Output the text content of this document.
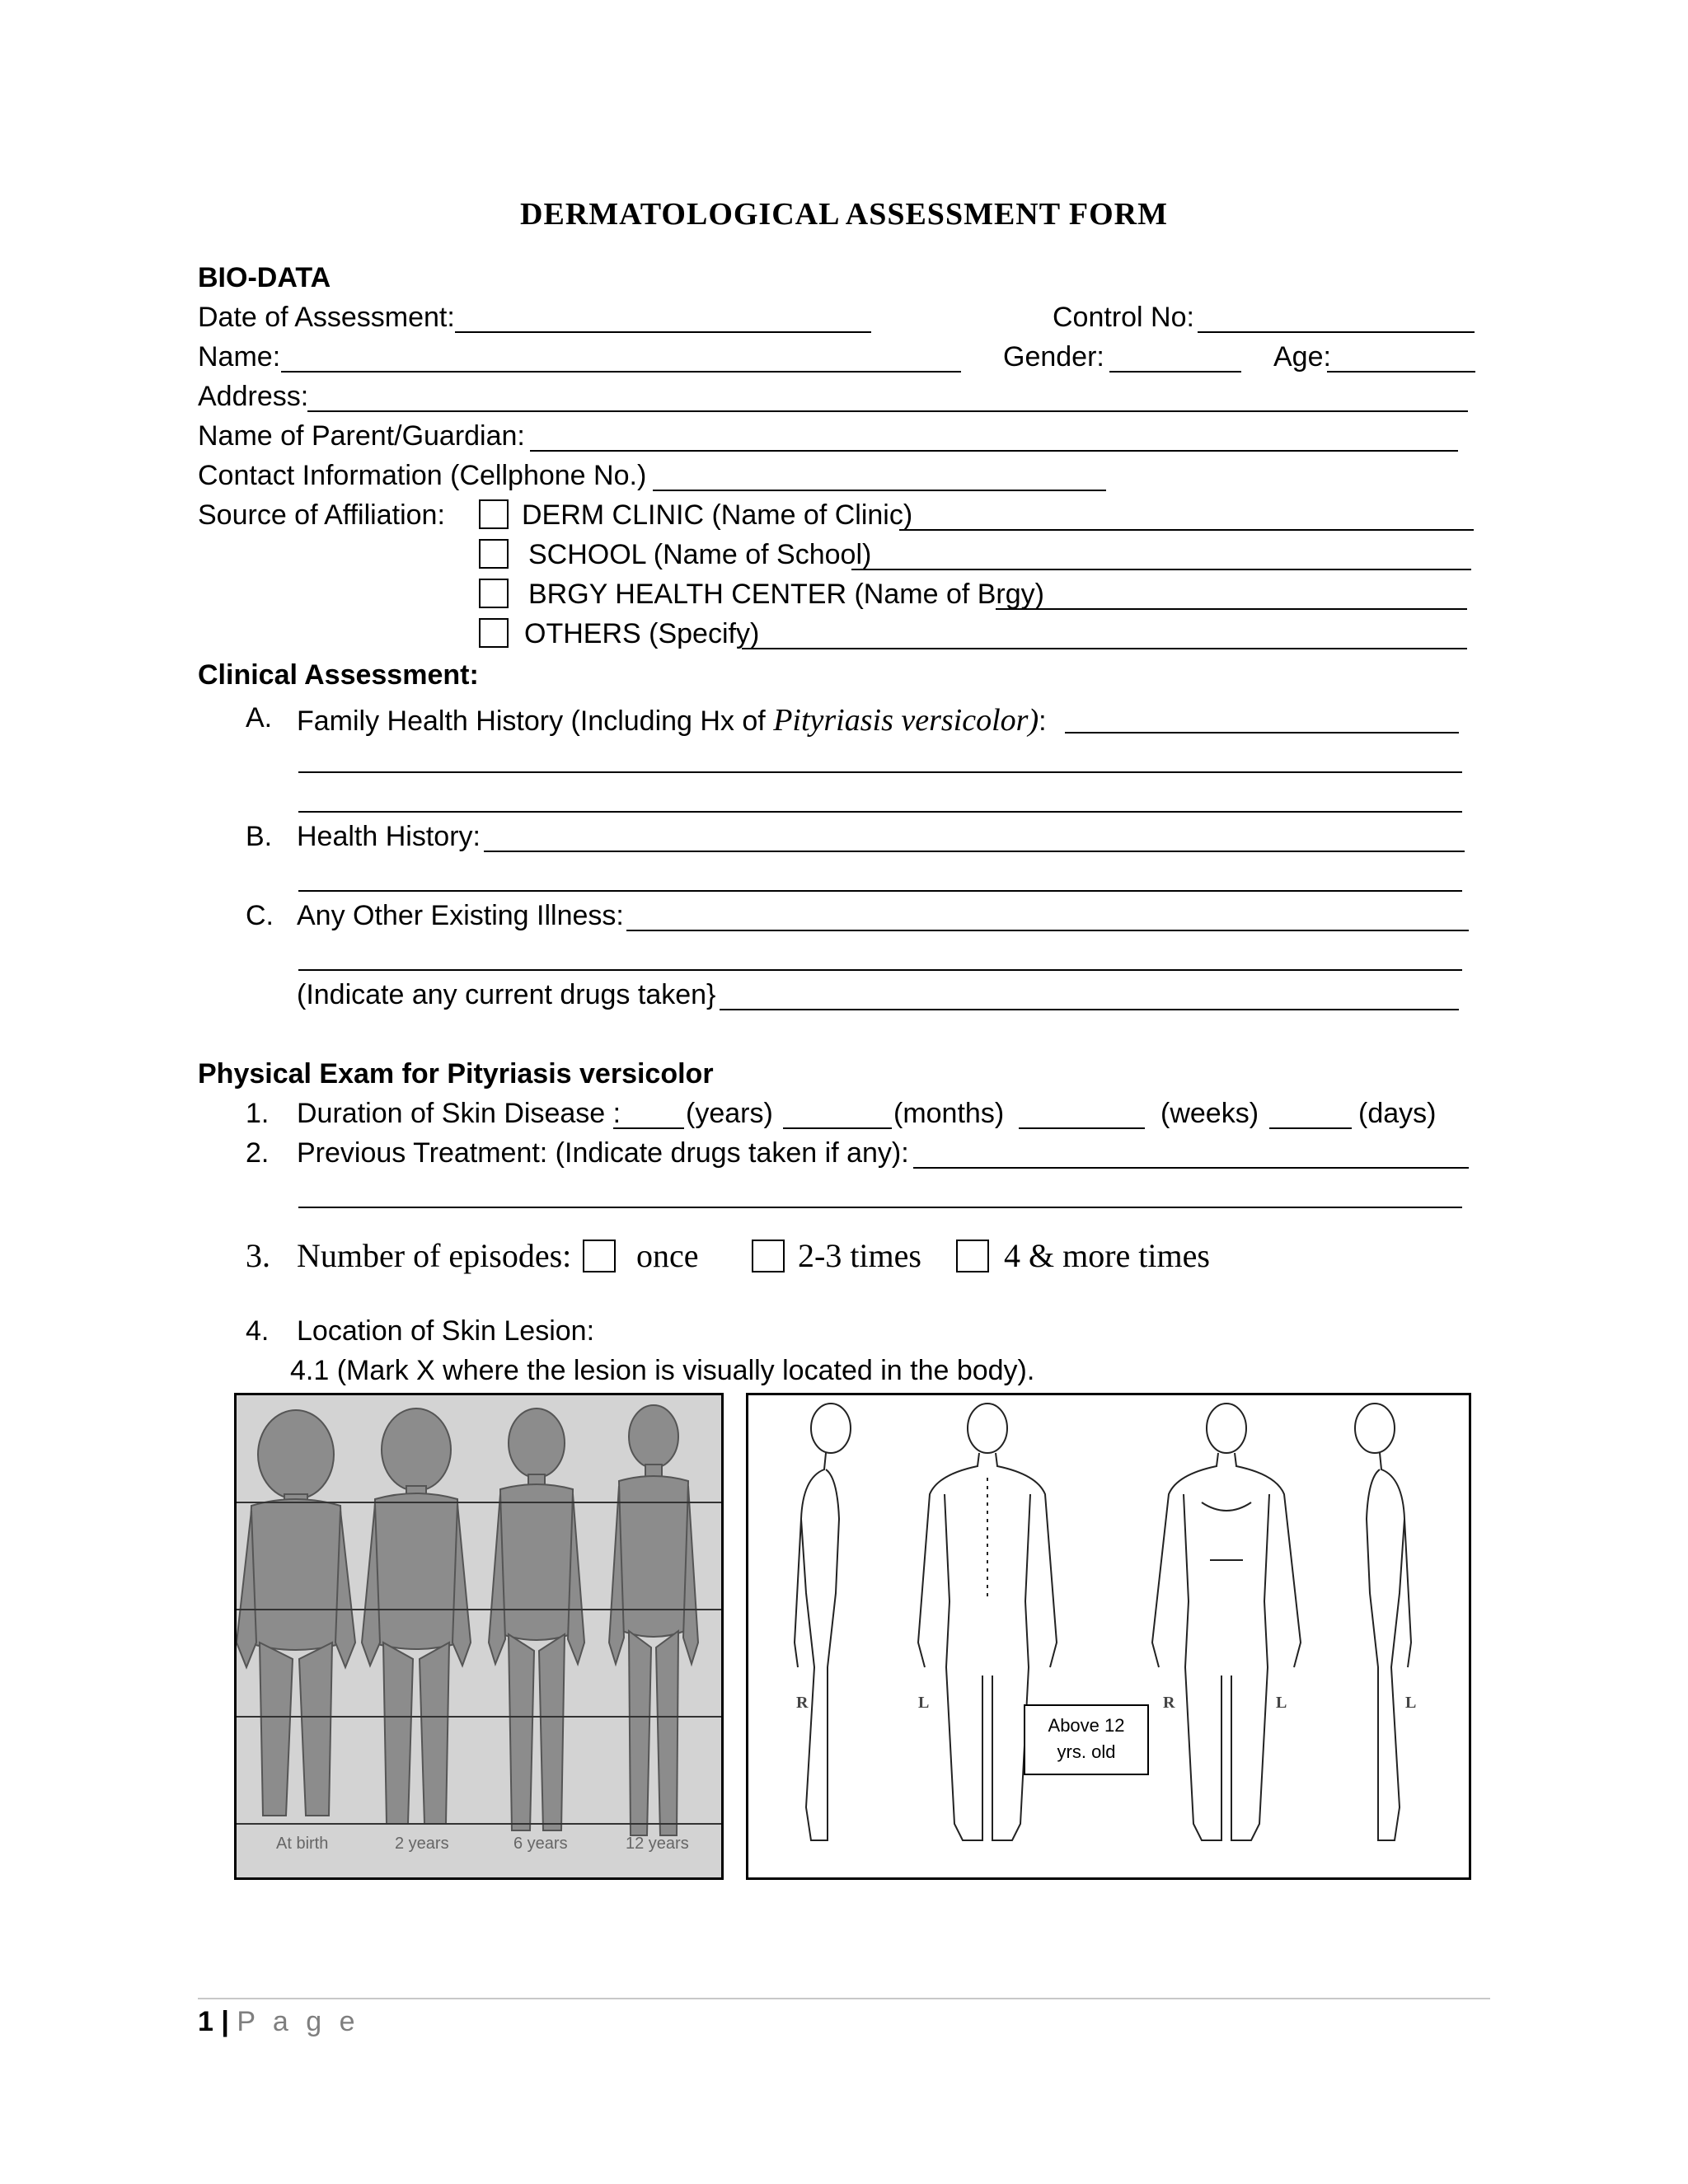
DERMATOLOGICAL ASSESSMENT FORM
BIO-DATA
Date of Assessment:	Control No:
Name:	Gender:	Age:
Address:
Name of Parent/Guardian:
Contact Information (Cellphone No.)
Source of Affiliation:	DERM CLINIC (Name of Clinic)
SCHOOL (Name of School)
BRGY HEALTH CENTER (Name of Brgy)
OTHERS (Specify)
Clinical Assessment:
A. Family Health History (Including Hx of Pityriasis versicolor):
B. Health History:
C. Any Other Existing Illness:
(Indicate any current drugs taken}
Physical Exam for Pityriasis versicolor
1. Duration of Skin Disease : (years)	(months)	(weeks)	(days)
2. Previous Treatment: (Indicate drugs taken if any):
3. Number of episodes: once	2-3 times	4 & more times
4. Location of Skin Lesion:
4.1 (Mark X where the lesion is visually located in the body).
At birth	2 years	6 years	12 years
R	L	R	L	L
Above 12 yrs. old
1 | P a g e
